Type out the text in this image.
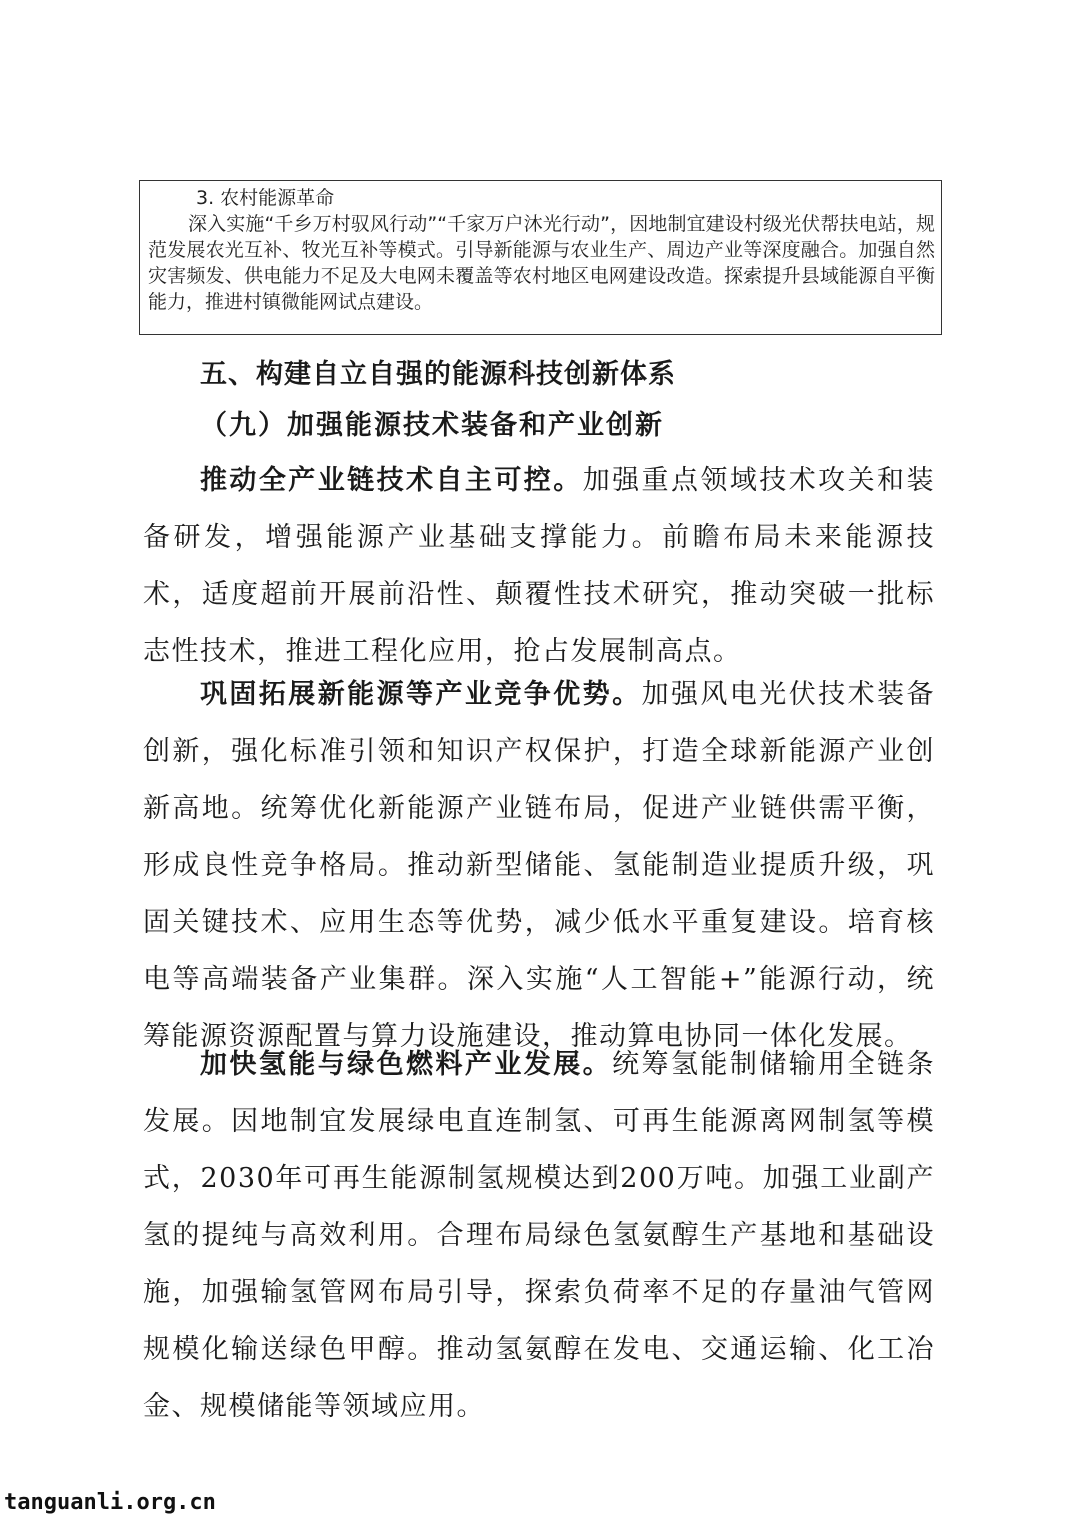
3. 农村能源革命
深入实施“千乡万村驭风行动”“千家万户沐光行动”，因地制宜建设村级光伏帮扶电站，规范发展农光互补、牧光互补等模式。引导新能源与农业生产、周边产业等深度融合。加强自然灾害频发、供电能力不足及大电网未覆盖等农村地区电网建设改造。探索提升县域能源自平衡能力，推进村镇微能网试点建设。
五、构建自立自强的能源科技创新体系
（九）加强能源技术装备和产业创新

推动全产业链技术自主可控。加强重点领域技术攻关和装备研发，增强能源产业基础支撑能力。前瞻布局未来能源技术，适度超前开展前沿性、颠覆性技术研究，推动突破一批标志性技术，推进工程化应用，抢占发展制高点。

巩固拓展新能源等产业竞争优势。加强风电光伏技术装备创新，强化标准引领和知识产权保护，打造全球新能源产业创新高地。统筹优化新能源产业链布局，促进产业链供需平衡，形成良性竞争格局。推动新型储能、氢能制造业提质升级，巩固关键技术、应用生态等优势，减少低水平重复建设。培育核电等高端装备产业集群。深入实施“人工智能+”能源行动，统筹能源资源配置与算力设施建设，推动算电协同一体化发展。

加快氢能与绿色燃料产业发展。统筹氢能制储输用全链条发展。因地制宜发展绿电直连制氢、可再生能源离网制氢等模式，2030年可再生能源制氢规模达到200万吨。加强工业副产氢的提纯与高效利用。合理布局绿色氢氨醇生产基地和基础设施，加强输氢管网布局引导，探索负荷率不足的存量油气管网规模化输送绿色甲醇。推动氢氨醇在发电、交通运输、化工冶金、规模储能等领域应用。

tanguanli.org.cn
